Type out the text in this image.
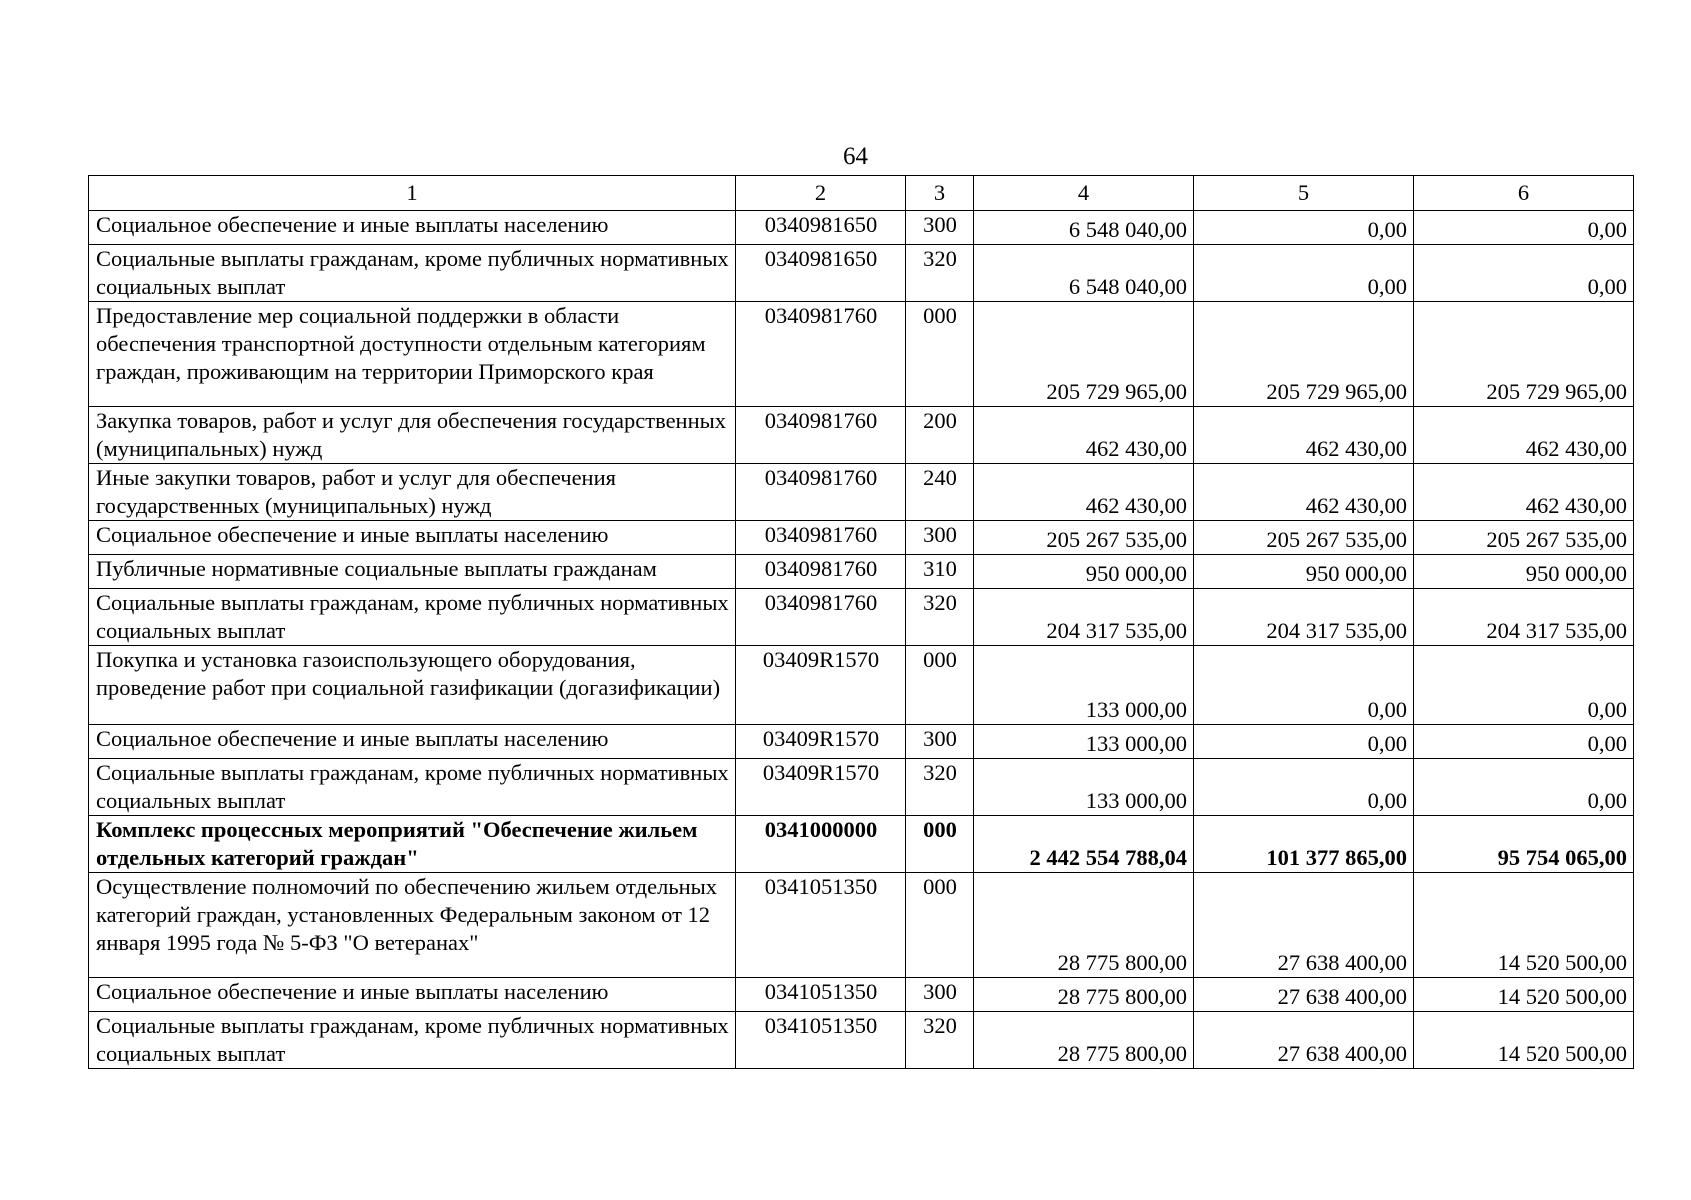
64
1	2	3	4	5	6
Социальное обеспечение и иные выплаты населению	0340981650	300	6 548 040,00	0,00	0,00
Социальные выплаты гражданам, кроме публичных нормативных социальных выплат	0340981650	320	6 548 040,00	0,00	0,00
Предоставление мер социальной поддержки в области обеспечения транспортной доступности отдельным категориям граждан, проживающим на территории Приморского края	0340981760	000	205 729 965,00	205 729 965,00	205 729 965,00
Закупка товаров, работ и услуг для обеспечения государственных (муниципальных) нужд	0340981760	200	462 430,00	462 430,00	462 430,00
Иные закупки товаров, работ и услуг для обеспечения государственных (муниципальных) нужд	0340981760	240	462 430,00	462 430,00	462 430,00
Социальное обеспечение и иные выплаты населению	0340981760	300	205 267 535,00	205 267 535,00	205 267 535,00
Публичные нормативные социальные выплаты гражданам	0340981760	310	950 000,00	950 000,00	950 000,00
Социальные выплаты гражданам, кроме публичных нормативных социальных выплат	0340981760	320	204 317 535,00	204 317 535,00	204 317 535,00
Покупка и установка газоиспользующего оборудования, проведение работ при социальной газификации (догазификации)	03409R1570	000	133 000,00	0,00	0,00
Социальное обеспечение и иные выплаты населению	03409R1570	300	133 000,00	0,00	0,00
Социальные выплаты гражданам, кроме публичных нормативных социальных выплат	03409R1570	320	133 000,00	0,00	0,00
Комплекс процессных мероприятий "Обеспечение жильем отдельных категорий граждан"	0341000000	000	2 442 554 788,04	101 377 865,00	95 754 065,00
Осуществление полномочий по обеспечению жильем отдельных категорий граждан, установленных Федеральным законом от 12 января 1995 года № 5-ФЗ "О ветеранах"	0341051350	000	28 775 800,00	27 638 400,00	14 520 500,00
Социальное обеспечение и иные выплаты населению	0341051350	300	28 775 800,00	27 638 400,00	14 520 500,00
Социальные выплаты гражданам, кроме публичных нормативных социальных выплат	0341051350	320	28 775 800,00	27 638 400,00	14 520 500,00
